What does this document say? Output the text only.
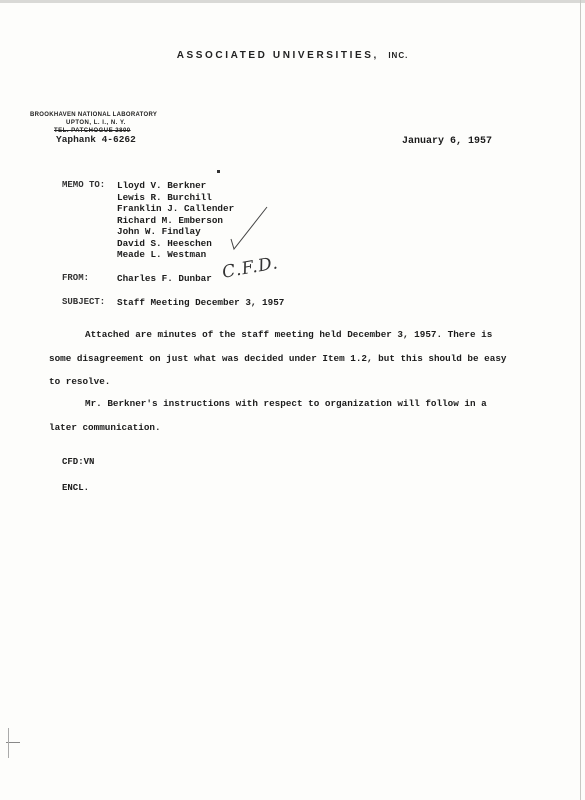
ASSOCIATED UNIVERSITIES, INC.
BROOKHAVEN NATIONAL LABORATORY
UPTON, L. I., N. Y.
TEL. PATCHOGUE 2800
Yaphank 4-6262	January 6, 1957
MEMO TO: Lloyd V. Berkner
Lewis R. Burchill
Franklin J. Callender
Richard M. Emberson
John W. Findlay
David S. Heeschen
Meade L. Westman
FROM:	Charles F. Dunbar C.F.D.
SUBJECT: Staff Meeting December 3, 1957

Attached are minutes of the staff meeting held December 3, 1957. There is some disagreement on just what was decided under Item 1.2, but this should be easy to resolve.

Mr. Berkner's instructions with respect to organization will follow in a later communication.

CFD:VN
ENCL.
